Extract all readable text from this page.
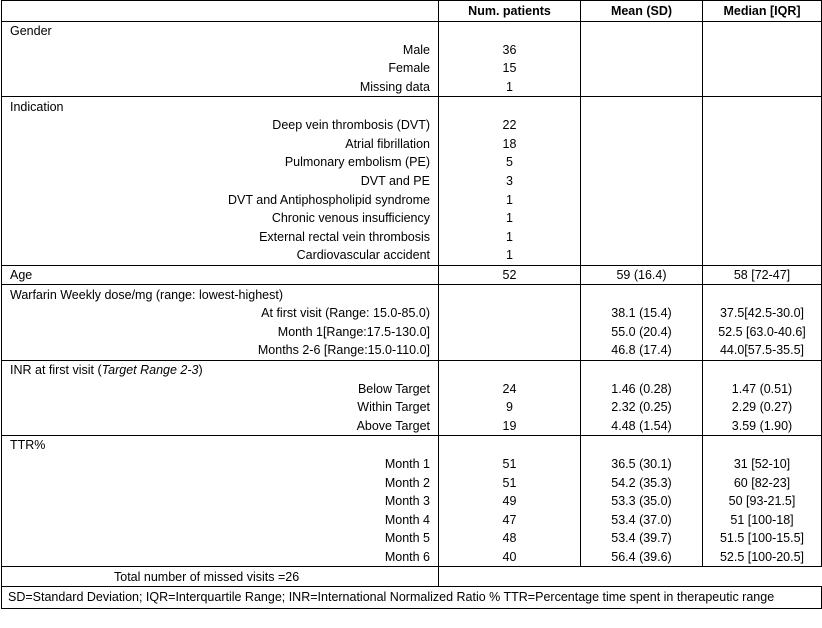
	Num. patients	Mean (SD)	Median [IQR]
Gender			
Male	36		
Female	15		
Missing data	1		
Indication			
Deep vein thrombosis (DVT)	22		
Atrial fibrillation	18		
Pulmonary embolism (PE)	5		
DVT and PE	3		
DVT and Antiphospholipid syndrome	1		
Chronic venous insufficiency	1		
External rectal vein thrombosis	1		
Cardiovascular accident	1		
Age	52	59 (16.4)	58 [72-47]
Warfarin Weekly dose/mg (range: lowest-highest)			
At first visit (Range: 15.0-85.0)		38.1 (15.4)	37.5[42.5-30.0]
Month 1[Range:17.5-130.0]		55.0 (20.4)	52.5 [63.0-40.6]
Months 2-6 [Range:15.0-110.0]		46.8 (17.4)	44.0[57.5-35.5]
INR at first visit (Target Range 2-3)			
Below Target	24	1.46 (0.28)	1.47 (0.51)
Within Target	9	2.32 (0.25)	2.29 (0.27)
Above Target	19	4.48 (1.54)	3.59 (1.90)
TTR%			
Month 1	51	36.5 (30.1)	31 [52-10]
Month 2	51	54.2 (35.3)	60 [82-23]
Month 3	49	53.3 (35.0)	50 [93-21.5]
Month 4	47	53.4 (37.0)	51 [100-18]
Month 5	48	53.4 (39.7)	51.5 [100-15.5]
Month 6	40	56.4 (39.6)	52.5 [100-20.5]
Total number of missed visits =26			
SD=Standard Deviation; IQR=Interquartile Range; INR=International Normalized Ratio % TTR=Percentage time spent in therapeutic range			
